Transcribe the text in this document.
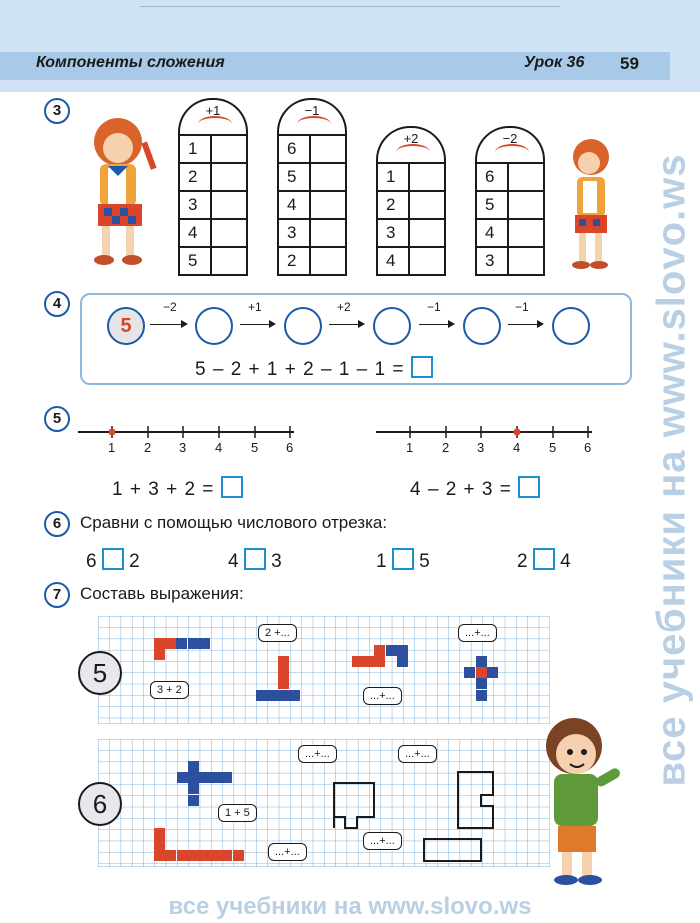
Компоненты сложения	Урок 36 59
все учебники на www.slovo.ws
все учебники на www.slovo.ws
3	+1
1
2
3
4
5
−1
6
5
4
3
2
+2
1
2
3
4
−2
6
5
4
3
4
5
−2	+1	+2	−1	−1
5 – 2 + 1 + 2 – 1 – 1 =
5
1 2 3 4 5 6
1 + 3 + 2 =
1 2 3 4 5 6
4 – 2 + 3 =
6	Сравни с помощью числового отрезка:
6 2	4 3	1 5	2 4
7	Составь выражения:
5
3 + 2
2 +...
...+...
...+...
6
...+...	...+...
1 + 5
...+...
...+...
